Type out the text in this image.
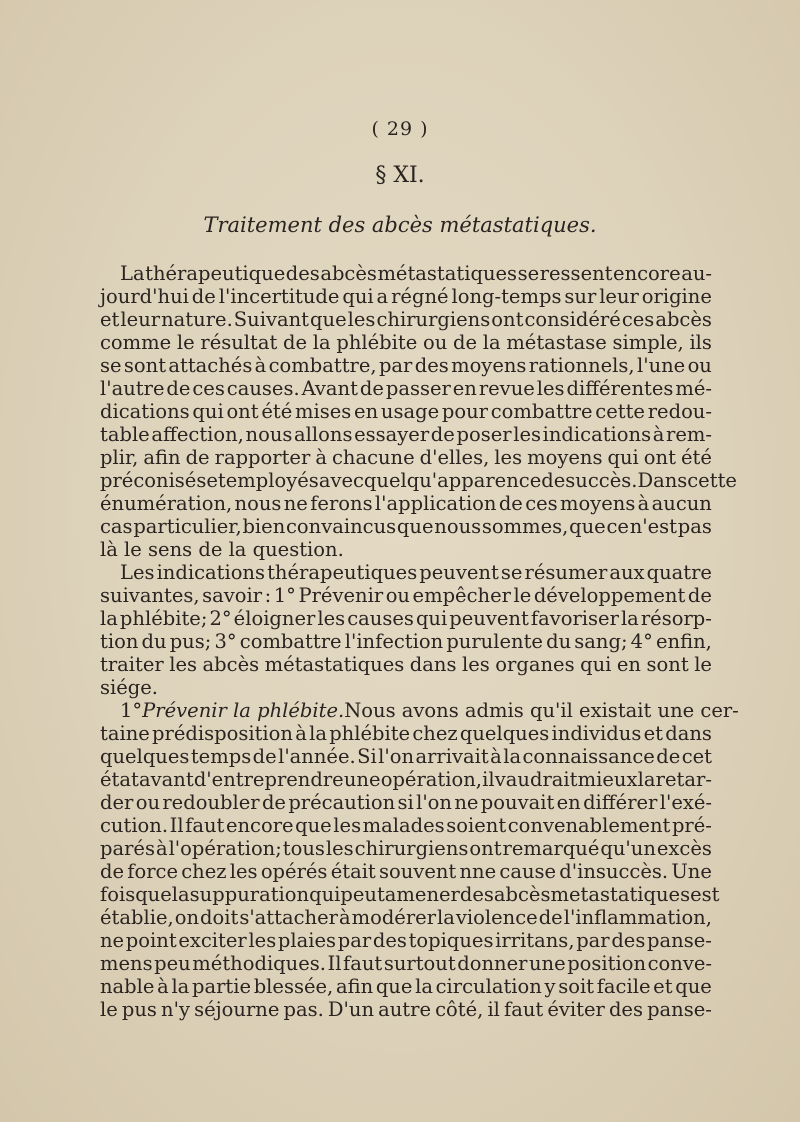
( 29 )
§ XI.
Traitement des abcès métastatiques.
La thérapeutique des abcès métastatiques se ressent encore au-
jourd'hui de l'incertitude qui a régné long-temps sur leur origine
et leur nature. Suivant que les chirurgiens ont considéré ces abcès
comme le résultat de la phlébite ou de la métastase simple, ils
se sont attachés à combattre, par des moyens rationnels, l'une ou
l'autre de ces causes. Avant de passer en revue les différentes mé-
dications qui ont été mises en usage pour combattre cette redou-
table affection, nous allons essayer de poser les indications à rem-
plir, afin de rapporter à chacune d'elles, les moyens qui ont été
préconisés et employés avec quelqu'apparence de succès. Dans cette
énumération, nous ne ferons l'application de ces moyens à aucun
cas particulier, bien convaincus que nous sommes, que ce n'est pas
là le sens de la question.
Les indications thérapeutiques peuvent se résumer aux quatre
suivantes, savoir : 1° Prévenir ou empêcher le développement de
la phlébite; 2° éloigner les causes qui peuvent favoriser la résorp-
tion du pus; 3° combattre l'infection purulente du sang; 4° enfin,
traiter les abcès métastatiques dans les organes qui en sont le
siége.
1° Prévenir la phlébite. Nous avons admis qu'il existait une cer-
taine prédisposition à la phlébite chez quelques individus et dans
quelques temps de l'année. Si l'on arrivait à la connaissance de cet
état avant d'entreprendre une opération, il vaudrait mieux la retar-
der ou redoubler de précaution si l'on ne pouvait en différer l'exé-
cution. Il faut encore que les malades soient convenablement pré-
parés à l'opération; tous les chirurgiens ont remarqué qu'un excès
de force chez les opérés était souvent nne cause d'insuccès. Une
fois que la suppuration qui peut amener des abcès metastatiques est
établie, on doit s'attacher à modérer la violence de l'inflammation,
ne point exciter les plaies par des topiques irritans, par des panse-
mens peu méthodiques. Il faut surtout donner une position conve-
nable à la partie blessée, afin que la circulation y soit facile et que
le pus n'y séjourne pas. D'un autre côté, il faut éviter des panse-
